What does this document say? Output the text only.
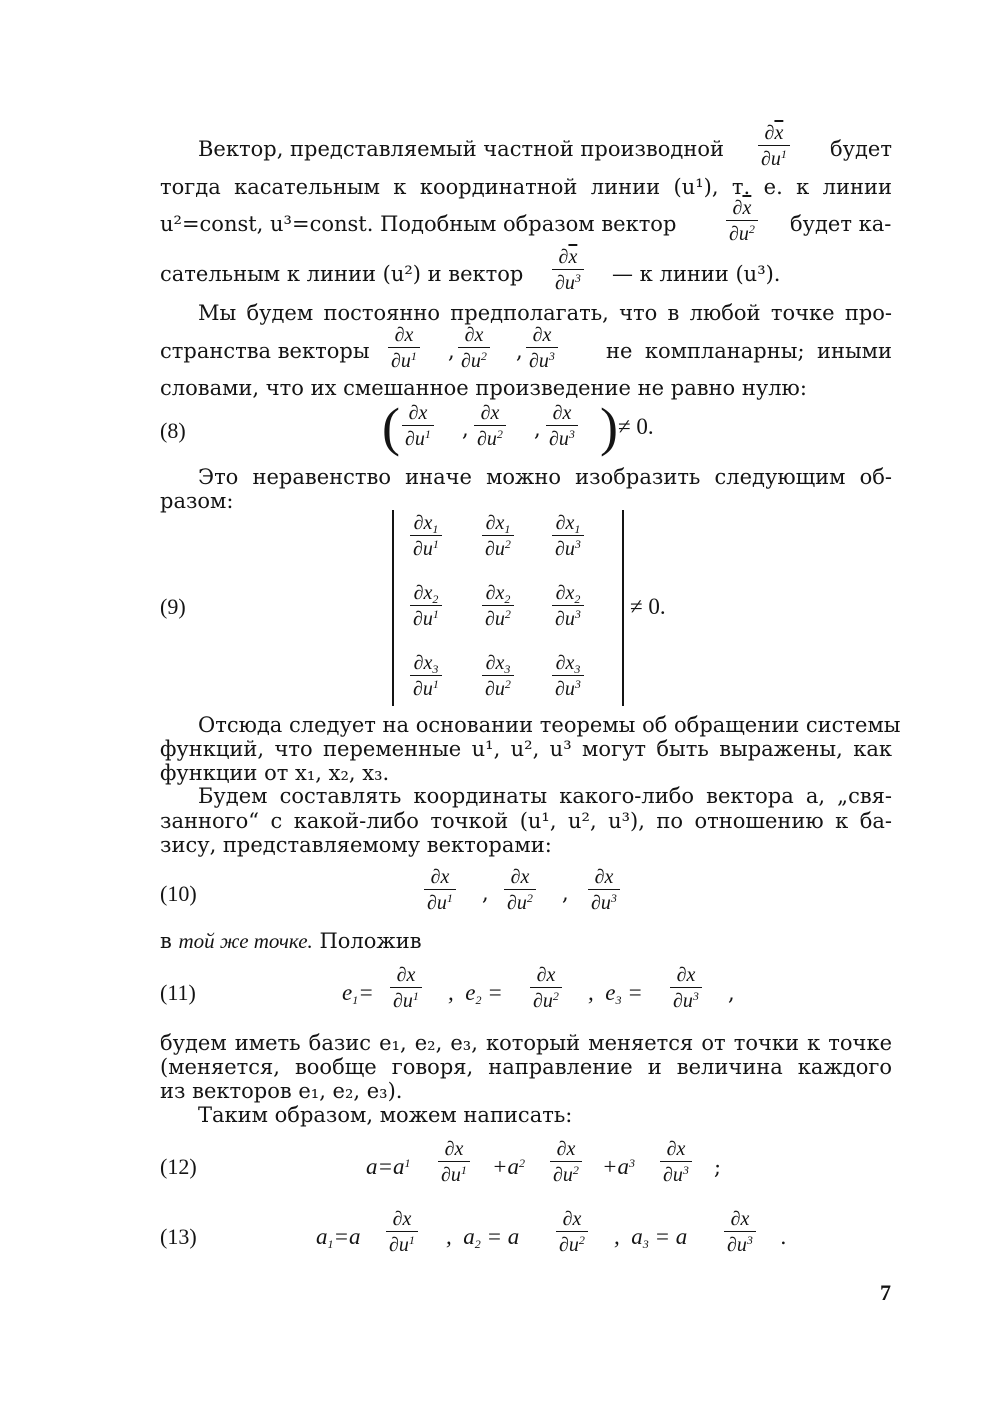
Вектор, представляемый частной производной	$\frac{\partial\overline{x}}{\partial u^1}$ будет
тогда касательным к координатной линии (u¹), т. е. к линии
u²=const, u³=const. Подобным образом вектор $\frac{\partial\overline{x}}{\partial u^2}$ будет ка-
сательным к линии (u²) и вектор $\frac{\partial\overline{x}}{\partial u^3}$ — к линии (u³).
Мы будем постоянно предполагать, что в любой точке про-
странства векторы $\frac{\partial x}{\partial u^1}$ , $\frac{\partial x}{\partial u^2}$ , $\frac{\partial x}{\partial u^3}$ не компланарны; иными
словами, что их смешанное произведение не равно нулю:
(8)	( $\frac{\partial x}{\partial u^1}$ , $\frac{\partial x}{\partial u^2}$ , $\frac{\partial x}{\partial u^3}$ ) ≠ 0.
Это неравенство иначе можно изобразить следующим об-
разом:
(9)
$\frac{\partial x_1}{\partial u^1} \frac{\partial x_1}{\partial u^2} \frac{\partial x_1}{\partial u^3}$
$\frac{\partial x_2}{\partial u^1} \frac{\partial x_2}{\partial u^2} \frac{\partial x_2}{\partial u^3}$
$\frac{\partial x_3}{\partial u^1} \frac{\partial x_3}{\partial u^2} \frac{\partial x_3}{\partial u^3}$
≠ 0.
Отсюда следует на основании теоремы об обращении системы
функций, что переменные u¹, u², u³ могут быть выражены, как
функции от x₁, x₂, x₃.
Будем составлять координаты какого-либо вектора a, „свя-
занного“ с какой-либо точкой (u¹, u², u³), по отношению к ба-
зису, представляемому векторами:
(10)	$\frac{\partial x}{\partial u^1}$ , $\frac{\partial x}{\partial u^2}$ , $\frac{\partial x}{\partial u^3}$
в той же точке. Положив
(11)	$e_1= \frac{\partial x}{\partial u^1}$ ,  $e_2 = \frac{\partial x}{\partial u^2}$ ,  $e_3 = \frac{\partial x}{\partial u^3}$ ,
будем иметь базис e₁, e₂, e₃, который меняется от точки к точке
(меняется, вообще говоря, направление и величина каждого
из векторов e₁, e₂, e₃).
Таким образом, можем написать:
(12)	$a=a^1 \frac{\partial x}{\partial u^1} +a^2 \frac{\partial x}{\partial u^2} +a^3 \frac{\partial x}{\partial u^3}$ ;
(13)	$a_1=a \frac{\partial x}{\partial u^1}$ ,  $a_2 = a \frac{\partial x}{\partial u^2}$ ,  $a_3 = a \frac{\partial x}{\partial u^3}$ .
7
